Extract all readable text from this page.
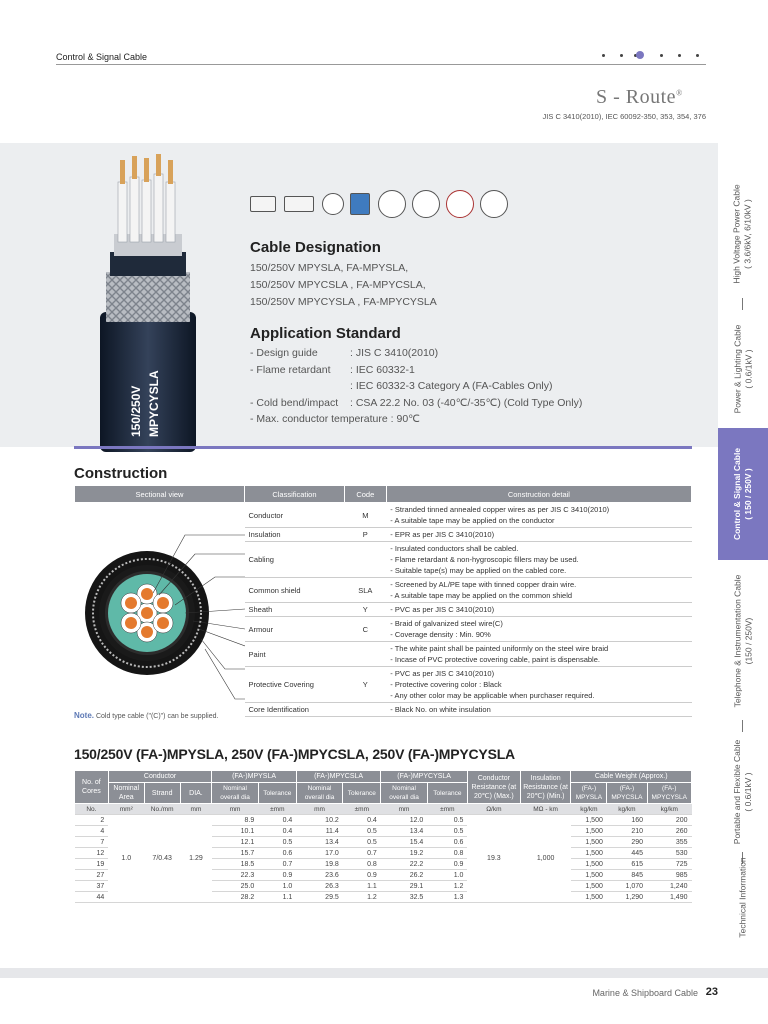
Control & Signal Cable
S - Route®
JIS C 3410(2010), IEC 60092-350, 353, 354, 376
150/250V MPYCYSLA
Cable Designation
150/250V MPYSLA, FA-MPYSLA,
150/250V MPYCSLA , FA-MPYCSLA,
150/250V MPYCYSLA , FA-MPYCYSLA
Application Standard
- Design guide	: JIS C 3410(2010)
- Flame retardant : IEC 60332-1
: IEC 60332-3 Category A (FA-Cables Only)
- Cold bend/impact : CSA 22.2 No. 03 (-40℃/-35℃) (Cold Type Only)
- Max. conductor temperature : 90℃
Construction
Sectional view	Classification	Code	Construction detail
	Conductor	M	- Stranded tinned annealed copper wires as per JIS C 3410(2010)
- A suitable tape may be applied on the conductor

	Insulation	P	- EPR as per JIS C 3410(2010)

	Cabling		- Insulated conductors shall be cabled.
- Flame retardant & non-hygroscopic fillers may be used.
- Suitable tape(s) may be applied on the cabled core.

	Common shield	SLA	- Screened by AL/PE tape with tinned copper drain wire.
- A suitable tape may be applied on the common shield

	Sheath	Y	- PVC as per JIS C 3410(2010)

	Armour	C	- Braid of galvanized steel wire(C)
- Coverage density : Min. 90%

	Paint		- The white paint shall be painted uniformly on the steel wire braid
- Incase of PVC protective covering cable, paint is dispensable.

	Protective Covering	Y	- PVC as per JIS C 3410(2010)
- Protective covering color : Black
- Any other color may be applicable when purchaser required.

	Core Identification		- Black No. on white insulation
Note. Cold type cable ("(C)") can be supplied.
150/250V (FA-)MPYSLA, 250V (FA-)MPYCSLA, 250V (FA-)MPYCYSLA
No. of Cores	Conductor			(FA-)MPYSLA		(FA-)MPYCSLA		(FA-)MPYCYSLA		Conductor Resistance (at 20℃) (Max.)	Insulation Resistance (at 20℃) (Min.)	Cable Weight (Approx.)		
	Nominal Area	Strand	DIA.	Nominal overall dia	Tolerance	Nominal overall dia	Tolerance	Nominal overall dia	Tolerance			(FA-) MPYSLA	(FA-) MPYCSLA	(FA-) MPYCYSLA
No.	mm²	No./mm	mm	mm	±mm	mm	±mm	mm	±mm	Ω/km	MΩ - km	kg/km	kg/km	kg/km
2	1.0	7/0.43	1.29	8.9	0.4	10.2	0.4	12.0	0.5	19.3	1,000	1,500	160	200
4				10.1	0.4	11.4	0.5	13.4	0.5			1,500	210	260
7				12.1	0.5	13.4	0.5	15.4	0.6			1,500	290	355
12				15.7	0.6	17.0	0.7	19.2	0.8			1,500	445	530
19				18.5	0.7	19.8	0.8	22.2	0.9			1,500	615	725
27				22.3	0.9	23.6	0.9	26.2	1.0			1,500	845	985
37				25.0	1.0	26.3	1.1	29.1	1.2			1,500	1,070	1,240
44				28.2	1.1	29.5	1.2	32.5	1.3			1,500	1,290	1,490
High Voltage Power Cable ( 3.6/6kV, 6/10kV )
Power & Lighting Cable ( 0.6/1kV )
Control & Signal Cable ( 150 / 250V )
Telephone & Instrumentation Cable (150 / 250V)
Portable and Flexible Cable ( 0.6/1kV )
Technical Information
Marine & Shipboard Cable 23
